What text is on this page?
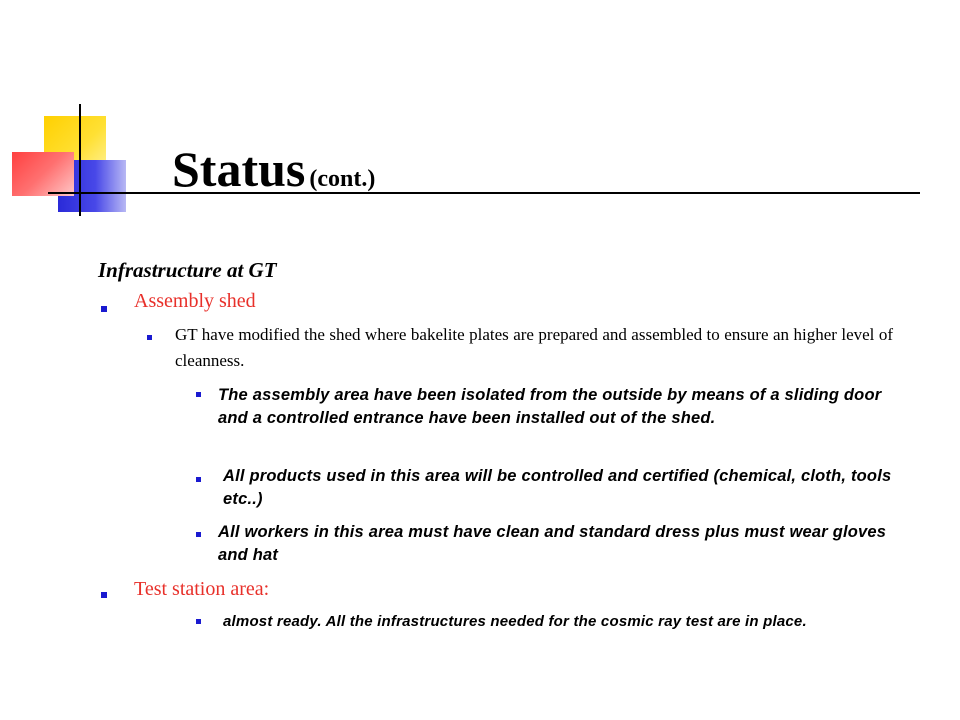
Status (cont.)
Infrastructure at GT
Assembly shed
GT have modified the shed where bakelite plates are prepared and assembled to ensure an higher level of cleanness.
The assembly area have been isolated from the outside by means of a sliding door and a controlled entrance have been installed out of the shed.
All products used in this area will be controlled and certified (chemical, cloth, tools etc..)
All workers in this area must have clean and standard dress plus must wear gloves and hat
Test station area:
almost ready. All the infrastructures needed for the cosmic ray test are in place.
